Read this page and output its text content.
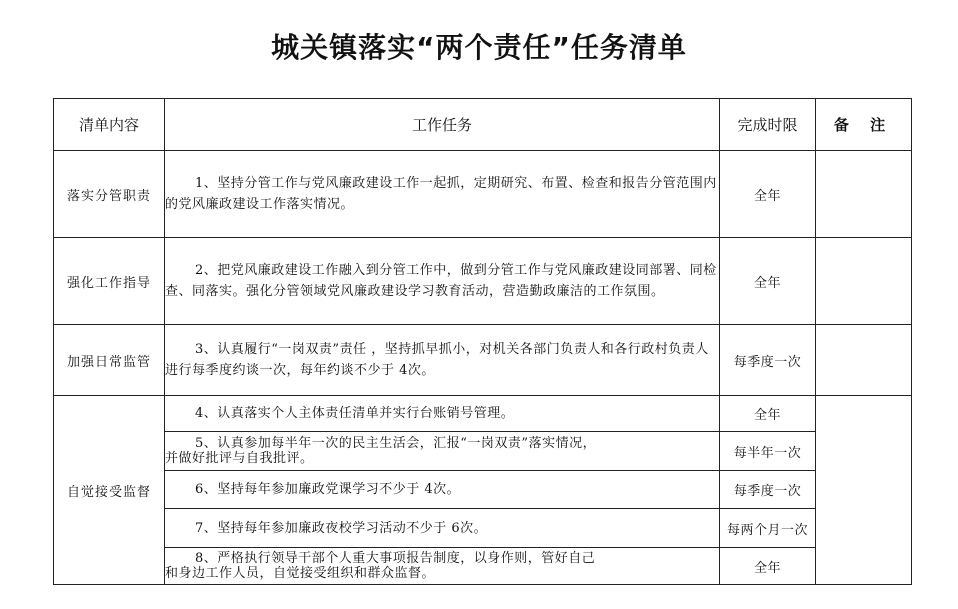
城关镇落实“两个责任”任务清单
清单内容	工作任务	完成时限	备 注
落实分管职责	1、坚持分管工作与党风廉政建设工作一起抓，定期研究、布置、检查和报告分管范围内的党风廉政建设工作落实情况。	全年	
强化工作指导	2、把党风廉政建设工作融入到分管工作中，做到分管工作与党风廉政建设同部署、同检查、同落实。强化分管领域党风廉政建设学习教育活动，营造勤政廉洁的工作氛围。	全年	
加强日常监管	3、认真履行“一岗双责”责任 ，坚持抓早抓小，对机关各部门负责人和各行政村负责人进行每季度约谈一次，每年约谈不少于 4次。	每季度一次	
自觉接受监督	4、认真落实个人主体责任清单并实行台账销号管理。	全年	

	5、认真参加每半年一次的民主生活会，汇报“一岗双责”落实情况，
并做好批评与自我批评。	每半年一次	

	6、坚持每年参加廉政党课学习不少于 4次。	每季度一次	

	7、坚持每年参加廉政夜校学习活动不少于 6次。	每两个月一次	

	8、严格执行领导干部个人重大事项报告制度，以身作则，管好自己
和身边工作人员，自觉接受组织和群众监督。	全年	
